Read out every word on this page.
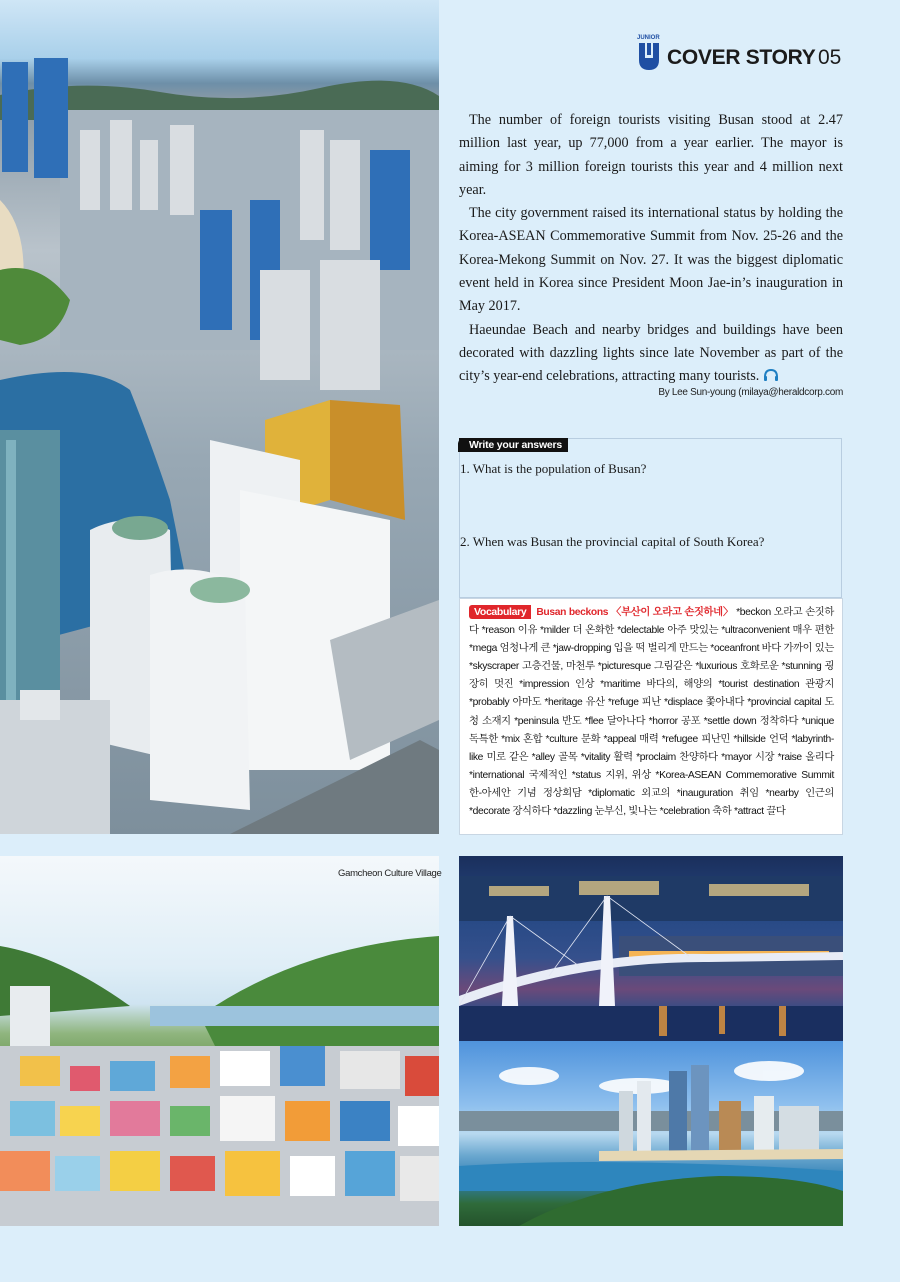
JUNIOR
COVER STORY 05

The number of foreign tourists visiting Busan stood at 2.47 million last year, up 77,000 from a year earlier. The mayor is aiming for 3 million foreign tourists this year and 4 million next year.

The city government raised its international status by holding the Korea-ASEAN Commemorative Summit from Nov. 25-26 and the Korea-Mekong Summit on Nov. 27. It was the biggest diplomatic event held in Korea since President Moon Jae-in’s inauguration in May 2017.

Haeundae Beach and nearby bridges and buildings have been decorated with dazzling lights since late November as part of the city’s year-end celebrations, attracting many tourists.

By Lee Sun-young (milaya@heraldcorp.com
Write your answers
1. What is the population of Busan?
2. When was Busan the provincial capital of South Korea?
Vocabulary Busan beckons 〈부산이 오라고 손짓하네〉 *beckon 오라고 손짓하다 *reason 이유 *milder 더 온화한 *delectable 아주 맛있는 *ultraconvenient 매우 편한 *mega 엄청나게 큰 *jaw-dropping 입을 떡 벌리게 만드는 *oceanfront 바다 가까이 있는 *skyscraper 고층건물, 마천루 *picturesque 그림같은 *luxurious 호화로운 *stunning 굉장히 멋진 *impression 인상 *maritime 바다의, 해양의 *tourist destination 관광지 *probably 아마도 *heritage 유산 *refuge 피난 *displace 쫓아내다 *provincial capital 도청 소재지 *peninsula 반도 *flee 달아나다 *horror 공포 *settle down 정착하다 *unique 독특한 *mix 혼합 *culture 문화 *appeal 매력 *refugee 피난민 *hillside 언덕 *labyrinth-like 미로 같은 *alley 골목 *vitality 활력 *proclaim 찬양하다 *mayor 시장 *raise 올리다 *international 국제적인 *status 지위, 위상 *Korea-ASEAN Commemorative Summit 한-아세안 기념 정상회담 *diplomatic 외교의 *inauguration 취임 *nearby 인근의 *decorate 장식하다 *dazzling 눈부신, 빛나는 *celebration 축하 *attract 끌다
Gamcheon Culture Village
